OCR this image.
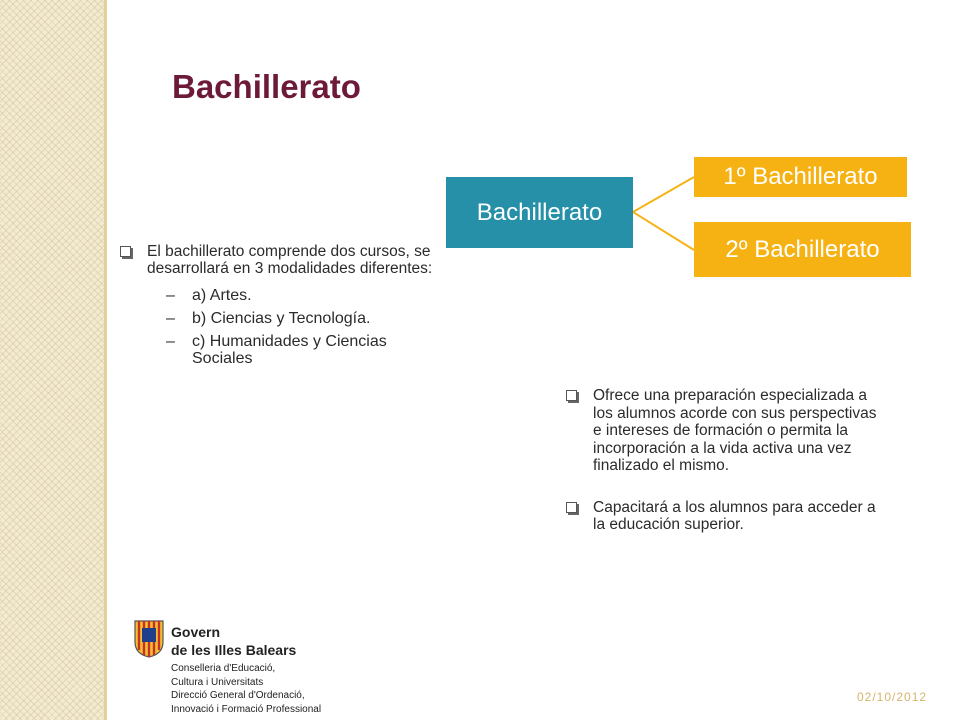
Bachillerato
Bachillerato
1º Bachillerato
2º Bachillerato
El bachillerato comprende dos cursos, se desarrollará en 3 modalidades diferentes:
– a) Artes.
– b) Ciencias y Tecnología.
– c) Humanidades y Ciencias Sociales
Ofrece una preparación especializada a los alumnos acorde con sus perspectivas e intereses de formación o permita la incorporación a la vida activa una vez finalizado el mismo.
Capacitará a los alumnos para acceder a la educación superior.
Govern
de les Illes Balears
Conselleria d'Educació,
Cultura i Universitats
Direcció General d'Ordenació,
Innovació i Formació Professional
02/10/2012
